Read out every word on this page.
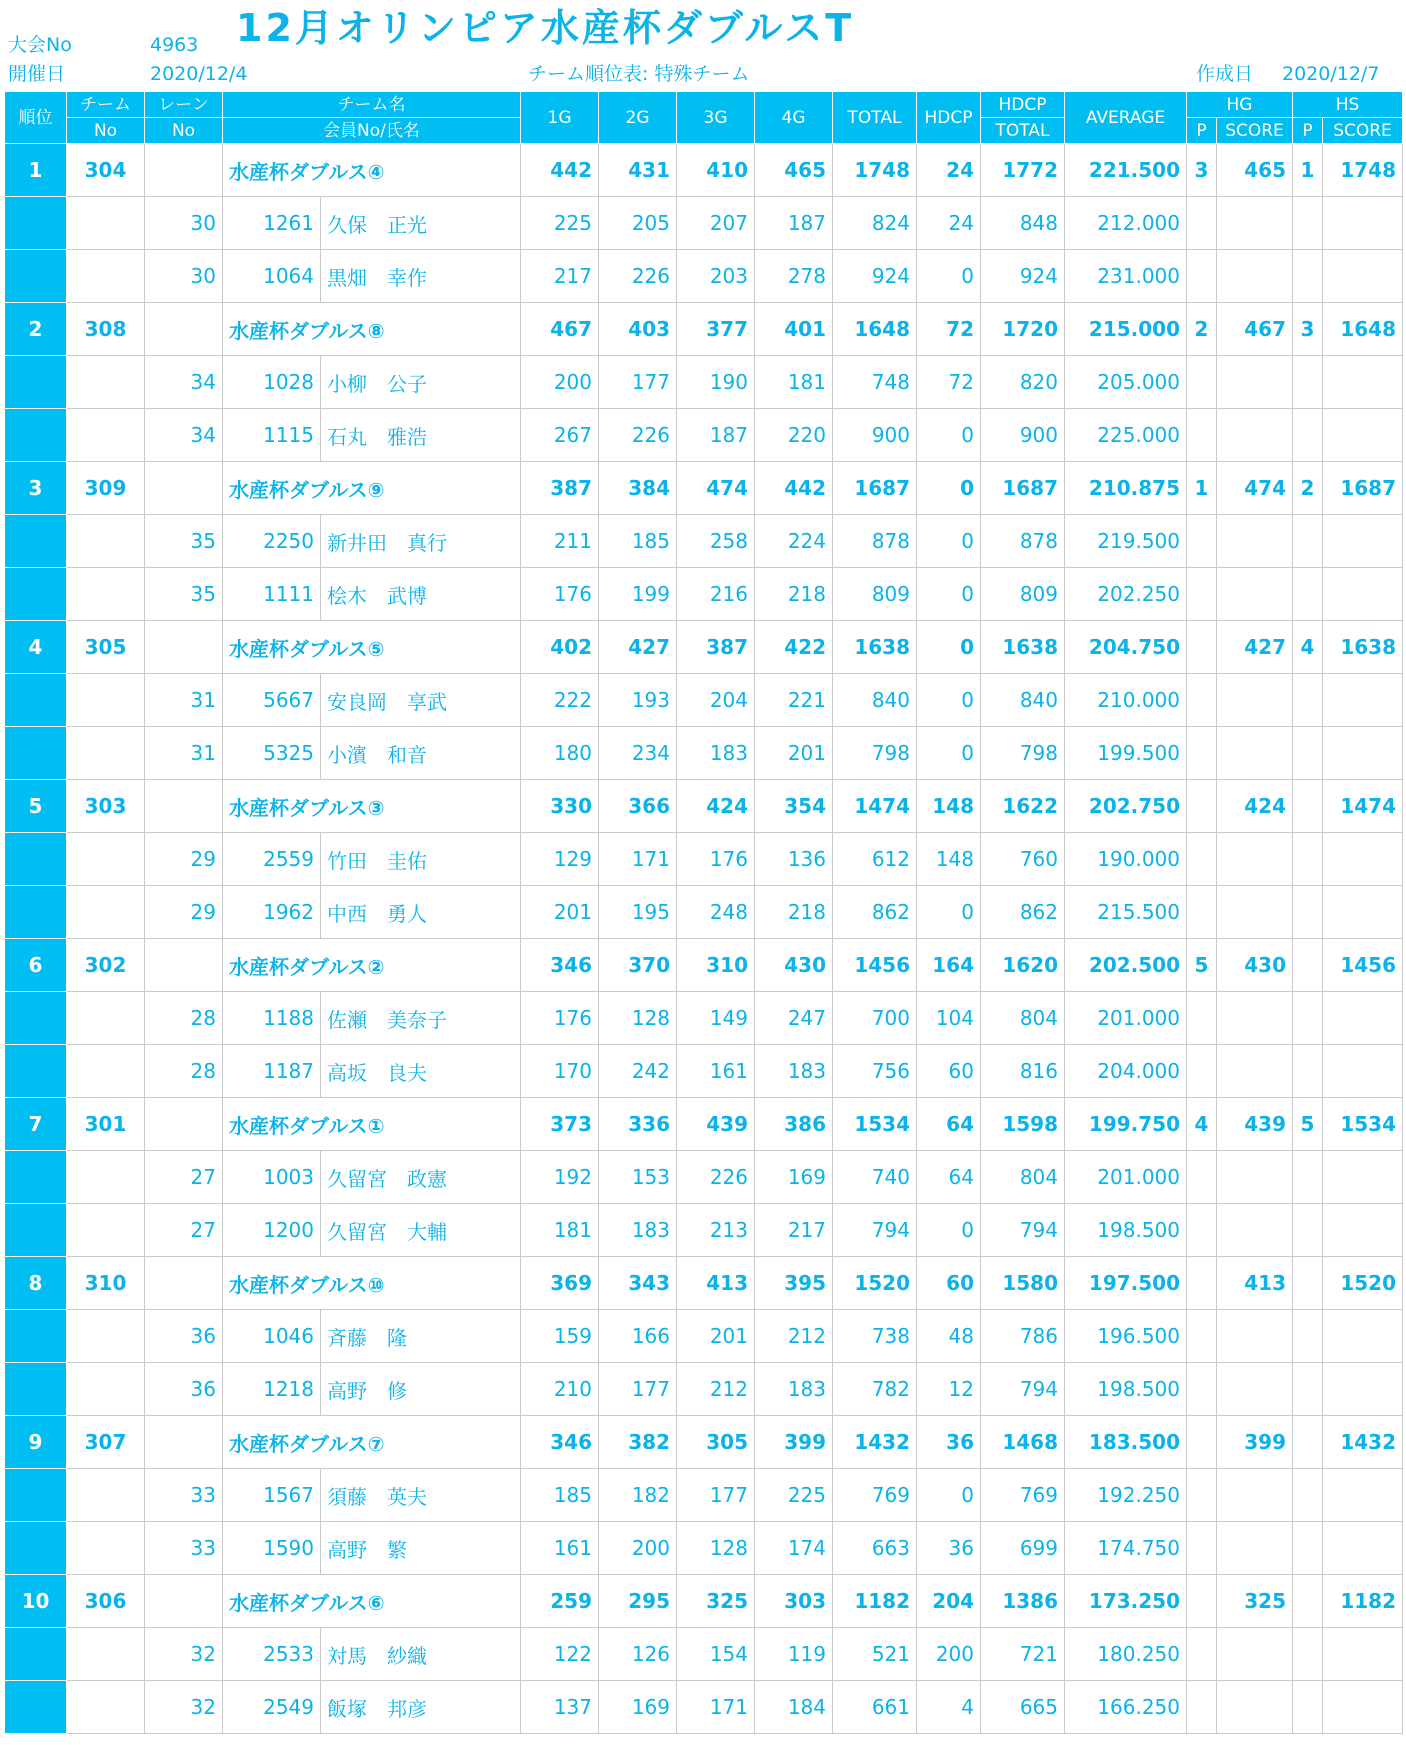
大会No	4963
開催日	2020/12/4
12月オリンピア水産杯ダブルスT
チーム順位表: 特殊チーム	作成日 2020/12/7
順位	チーム	レーン	チーム名		1G	2G	3G	4G	TOTAL	HDCP	HDCP	AVERAGE	HG		HS	
	No	No	会員No/氏名								TOTAL		P	SCORE	P	SCORE
1	304		水産杯ダブルス④		442	431	410	465	1748	24	1772	221.500	3	465	1	1748
		30	1261	久保　正光	225	205	207	187	824	24	848	212.000				
		30	1064	黒畑　幸作	217	226	203	278	924	0	924	231.000				
2	308		水産杯ダブルス⑧		467	403	377	401	1648	72	1720	215.000	2	467	3	1648
		34	1028	小柳　公子	200	177	190	181	748	72	820	205.000				
		34	1115	石丸　雅浩	267	226	187	220	900	0	900	225.000				
3	309		水産杯ダブルス⑨		387	384	474	442	1687	0	1687	210.875	1	474	2	1687
		35	2250	新井田　真行	211	185	258	224	878	0	878	219.500				
		35	1111	桧木　武博	176	199	216	218	809	0	809	202.250				
4	305		水産杯ダブルス⑤		402	427	387	422	1638	0	1638	204.750		427	4	1638
		31	5667	安良岡　享武	222	193	204	221	840	0	840	210.000				
		31	5325	小濱　和音	180	234	183	201	798	0	798	199.500				
5	303		水産杯ダブルス③		330	366	424	354	1474	148	1622	202.750		424		1474
		29	2559	竹田　圭佑	129	171	176	136	612	148	760	190.000				
		29	1962	中西　勇人	201	195	248	218	862	0	862	215.500				
6	302		水産杯ダブルス②		346	370	310	430	1456	164	1620	202.500	5	430		1456
		28	1188	佐瀬　美奈子	176	128	149	247	700	104	804	201.000				
		28	1187	高坂　良夫	170	242	161	183	756	60	816	204.000				
7	301		水産杯ダブルス①		373	336	439	386	1534	64	1598	199.750	4	439	5	1534
		27	1003	久留宮　政憲	192	153	226	169	740	64	804	201.000				
		27	1200	久留宮　大輔	181	183	213	217	794	0	794	198.500				
8	310		水産杯ダブルス⑩		369	343	413	395	1520	60	1580	197.500		413		1520
		36	1046	斉藤　隆	159	166	201	212	738	48	786	196.500				
		36	1218	高野　修	210	177	212	183	782	12	794	198.500				
9	307		水産杯ダブルス⑦		346	382	305	399	1432	36	1468	183.500		399		1432
		33	1567	須藤　英夫	185	182	177	225	769	0	769	192.250				
		33	1590	高野　繁	161	200	128	174	663	36	699	174.750				
10	306		水産杯ダブルス⑥		259	295	325	303	1182	204	1386	173.250		325		1182
		32	2533	対馬　紗織	122	126	154	119	521	200	721	180.250				
		32	2549	飯塚　邦彦	137	169	171	184	661	4	665	166.250				
